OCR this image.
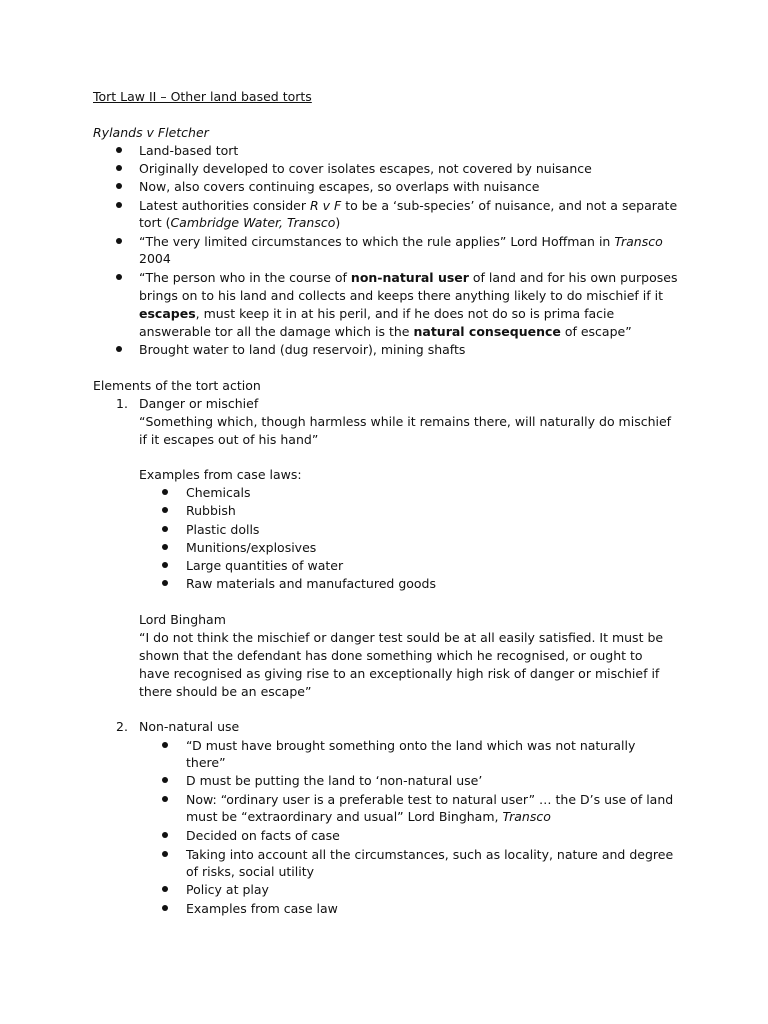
Tort Law II – Other land based torts
Rylands v Fletcher
Land-based tort
Originally developed to cover isolates escapes, not covered by nuisance
Now, also covers continuing escapes, so overlaps with nuisance
Latest authorities consider R v F to be a ‘sub-species’ of nuisance, and not a separate
tort (Cambridge Water, Transco)
“The very limited circumstances to which the rule applies” Lord Hoffman in Transco
2004
“The person who in the course of non-natural user of land and for his own purposes
brings on to his land and collects and keeps there anything likely to do mischief if it
escapes, must keep it in at his peril, and if he does not do so is prima facie
answerable tor all the damage which is the natural consequence of escape”
Brought water to land (dug reservoir), mining shafts
Elements of the tort action
1. Danger or mischief
“Something which, though harmless while it remains there, will naturally do mischief
if it escapes out of his hand”
Examples from case laws:
Chemicals
Rubbish
Plastic dolls
Munitions/explosives
Large quantities of water
Raw materials and manufactured goods
Lord Bingham
“I do not think the mischief or danger test sould be at all easily satisfied. It must be
shown that the defendant has done something which he recognised, or ought to
have recognised as giving rise to an exceptionally high risk of danger or mischief if
there should be an escape”
2. Non-natural use
“D must have brought something onto the land which was not naturally
there”
D must be putting the land to ‘non-natural use’
Now: “ordinary user is a preferable test to natural user” … the D’s use of land
must be “extraordinary and usual” Lord Bingham, Transco
Decided on facts of case
Taking into account all the circumstances, such as locality, nature and degree
of risks, social utility
Policy at play
Examples from case law
